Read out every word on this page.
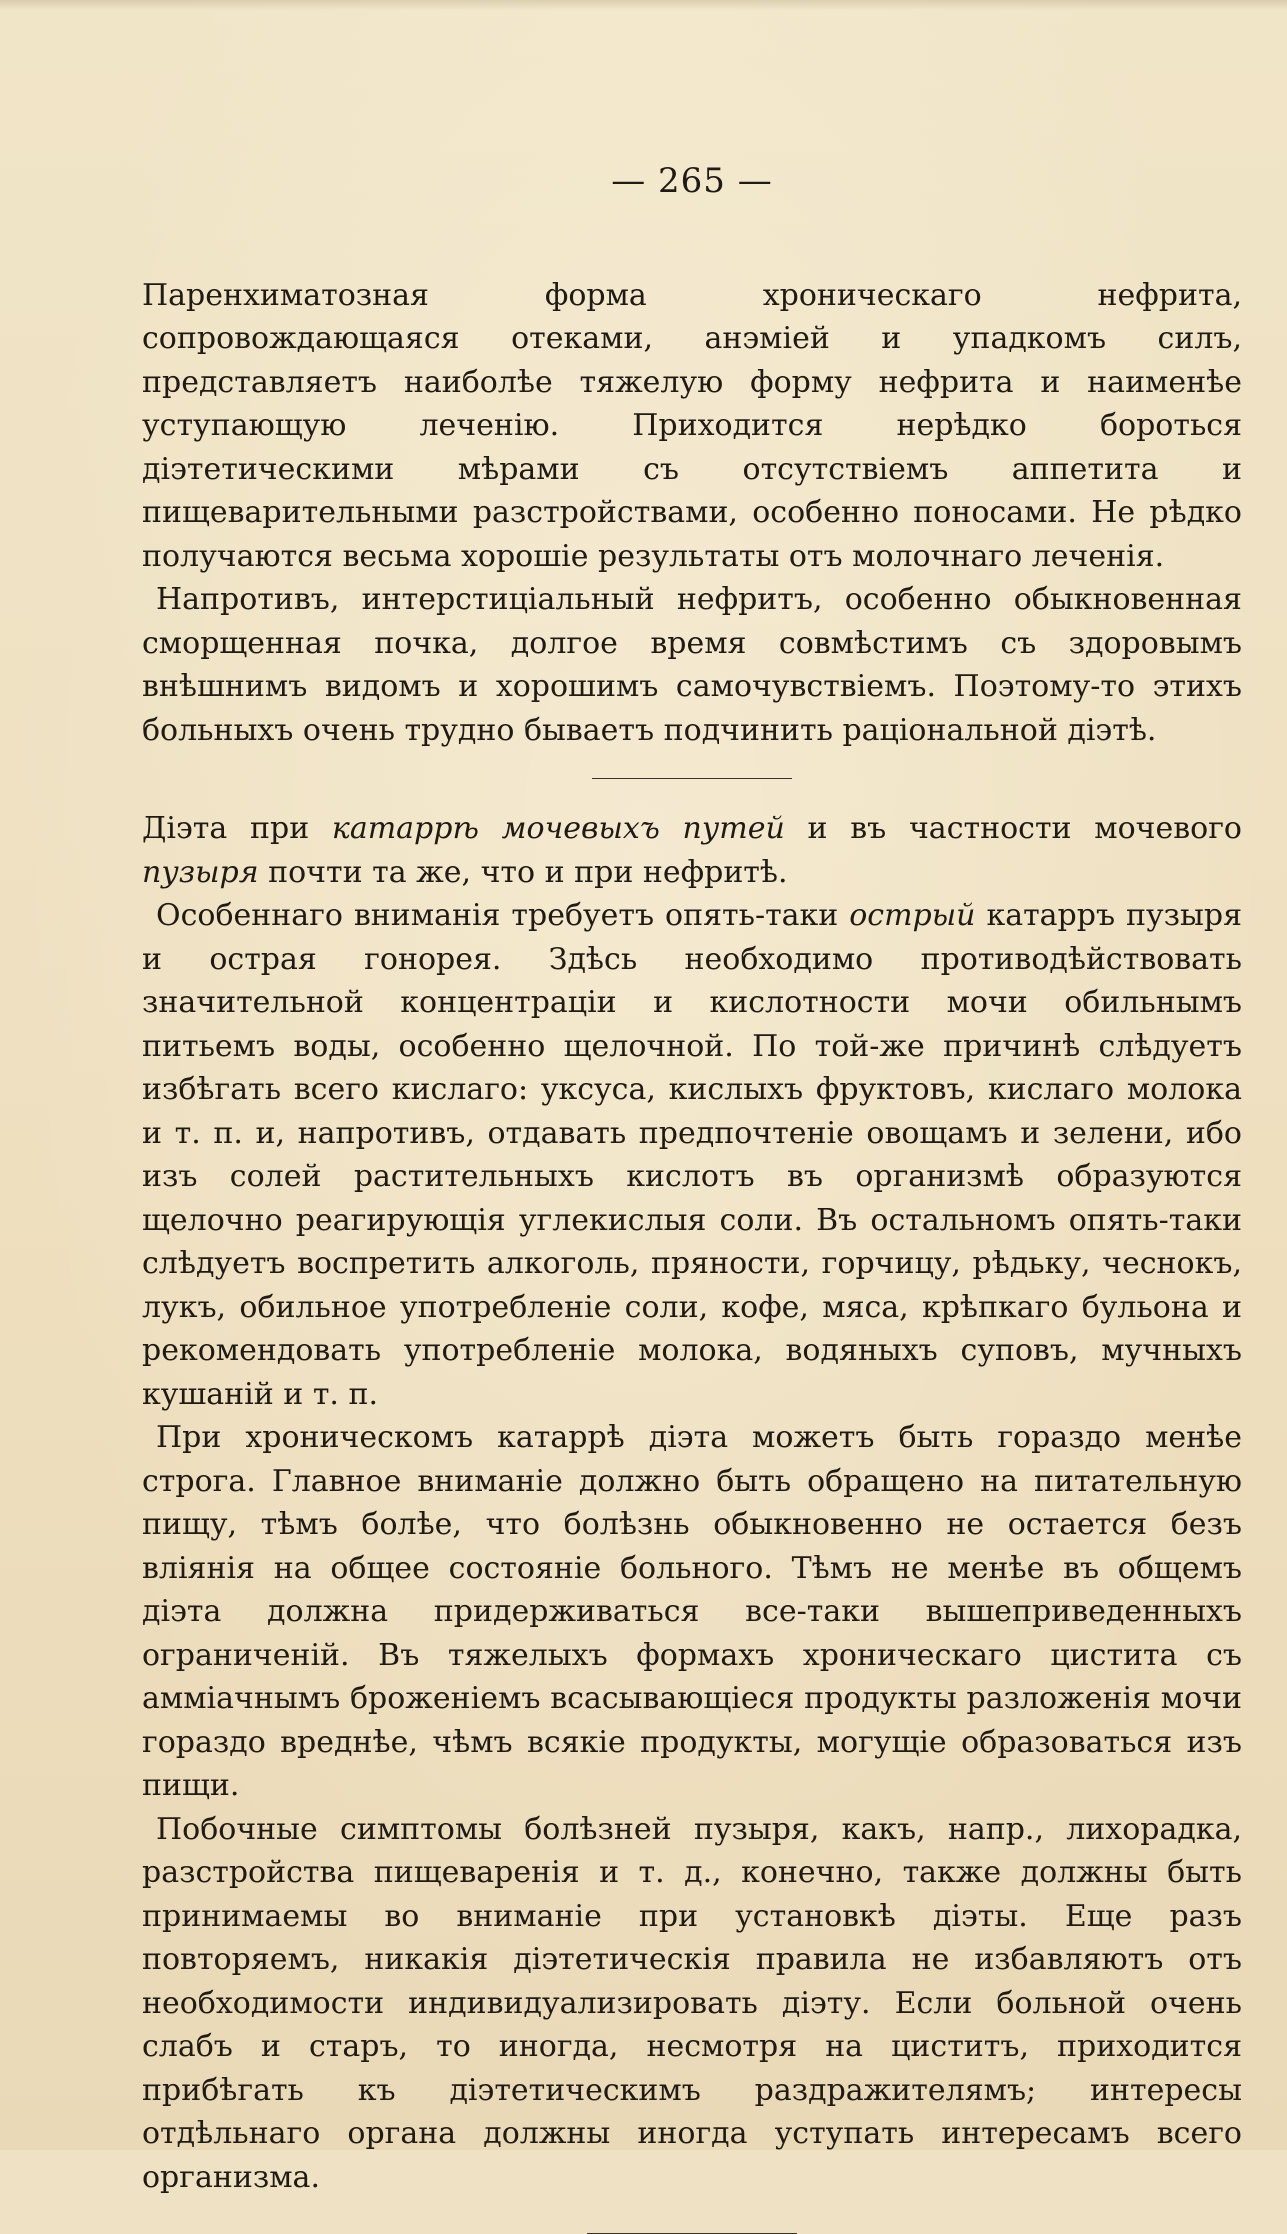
— 265 —

Паренхиматозная форма хроническаго нефрита, сопровождающаяся отеками, анэміей и упадкомъ силъ, представляетъ наиболѣе тяжелую форму нефрита и наименѣе уступающую леченію. Приходится нерѣдко бороться діэтетическими мѣрами съ отсутствіемъ аппетита и пищеварительными разстройствами, особенно поносами. Не рѣдко получаются весьма хорошіе результаты отъ молочнаго леченія.

Напротивъ, интерстиціальный нефритъ, особенно обыкновенная сморщенная почка, долгое время совмѣстимъ съ здоровымъ внѣшнимъ видомъ и хорошимъ самочувствіемъ. Поэтому-то этихъ больныхъ очень трудно бываетъ подчинить раціональной діэтѣ.

Діэта при катаррѣ мочевыхъ путей и въ частности мочевого пузыря почти та же, что и при нефритѣ.

Особеннаго вниманія требуетъ опять-таки острый катарръ пузыря и острая гонорея. Здѣсь необходимо противодѣйствовать значительной концентраціи и кислотности мочи обильнымъ питьемъ воды, особенно щелочной. По той-же причинѣ слѣдуетъ избѣгать всего кислаго: уксуса, кислыхъ фруктовъ, кислаго молока и т. п. и, напротивъ, отдавать предпочтеніе овощамъ и зелени, ибо изъ солей растительныхъ кислотъ въ организмѣ образуются щелочно реагирующія углекислыя соли. Въ остальномъ опять-таки слѣдуетъ воспретить алкоголь, пряности, горчицу, рѣдьку, чеснокъ, лукъ, обильное употребленіе соли, кофе, мяса, крѣпкаго бульона и рекомендовать употребленіе молока, водяныхъ суповъ, мучныхъ кушаній и т. п.

При хроническомъ катаррѣ діэта можетъ быть гораздо менѣе строга. Главное вниманіе должно быть обращено на питательную пищу, тѣмъ болѣе, что болѣзнь обыкновенно не остается безъ вліянія на общее состояніе больного. Тѣмъ не менѣе въ общемъ діэта должна придерживаться все-таки вышеприведенныхъ ограниченій. Въ тяжелыхъ формахъ хроническаго цистита съ амміачнымъ броженіемъ всасывающіеся продукты разложенія мочи гораздо вреднѣе, чѣмъ всякіе продукты, могущіе образоваться изъ пищи.

Побочные симптомы болѣзней пузыря, какъ, напр., лихорадка, разстройства пищеваренія и т. д., конечно, также должны быть принимаемы во вниманіе при установкѣ діэты. Еще разъ повторяемъ, никакія діэтетическія правила не избавляютъ отъ необходимости индивидуализировать діэту. Если больной очень слабъ и старъ, то иногда, несмотря на циститъ, приходится прибѣгать къ діэтетическимъ раздражителямъ; интересы отдѣльнаго органа должны иногда уступать интересамъ всего организма.
